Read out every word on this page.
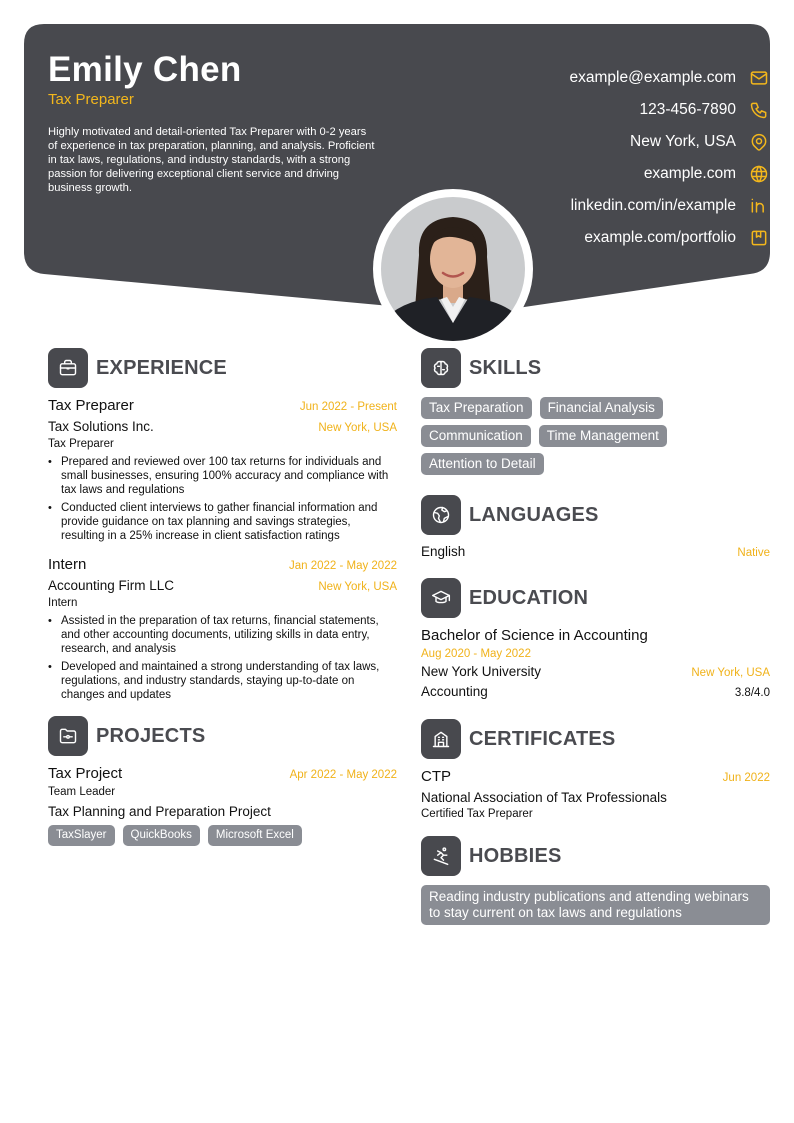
Emily Chen
Tax Preparer
Highly motivated and detail-oriented Tax Preparer with 0-2 years of experience in tax preparation, planning, and analysis. Proficient in tax laws, regulations, and industry standards, with a strong passion for delivering exceptional client service and driving business growth.
example@example.com
123-456-7890
New York, USA
example.com
linkedin.com/in/example
example.com/portfolio
EXPERIENCE
Tax Preparer	Jun 2022 - Present
Tax Solutions Inc.	New York, USA
Tax Preparer
• Prepared and reviewed over 100 tax returns for individuals and small businesses, ensuring 100% accuracy and compliance with tax laws and regulations
• Conducted client interviews to gather financial information and provide guidance on tax planning and savings strategies, resulting in a 25% increase in client satisfaction ratings
Intern	Jan 2022 - May 2022
Accounting Firm LLC	New York, USA
Intern
• Assisted in the preparation of tax returns, financial statements, and other accounting documents, utilizing skills in data entry, research, and analysis
• Developed and maintained a strong understanding of tax laws, regulations, and industry standards, staying up-to-date on changes and updates
PROJECTS
Tax Project	Apr 2022 - May 2022
Team Leader
Tax Planning and Preparation Project
TaxSlayer	QuickBooks	Microsoft Excel
SKILLS
Tax Preparation	Financial Analysis
Communication	Time Management
Attention to Detail
LANGUAGES
English	Native
EDUCATION
Bachelor of Science in Accounting
Aug 2020 - May 2022
New York University	New York, USA
Accounting	3.8/4.0
CERTIFICATES
CTP	Jun 2022
National Association of Tax Professionals
Certified Tax Preparer
HOBBIES
Reading industry publications and attending webinars to stay current on tax laws and regulations
